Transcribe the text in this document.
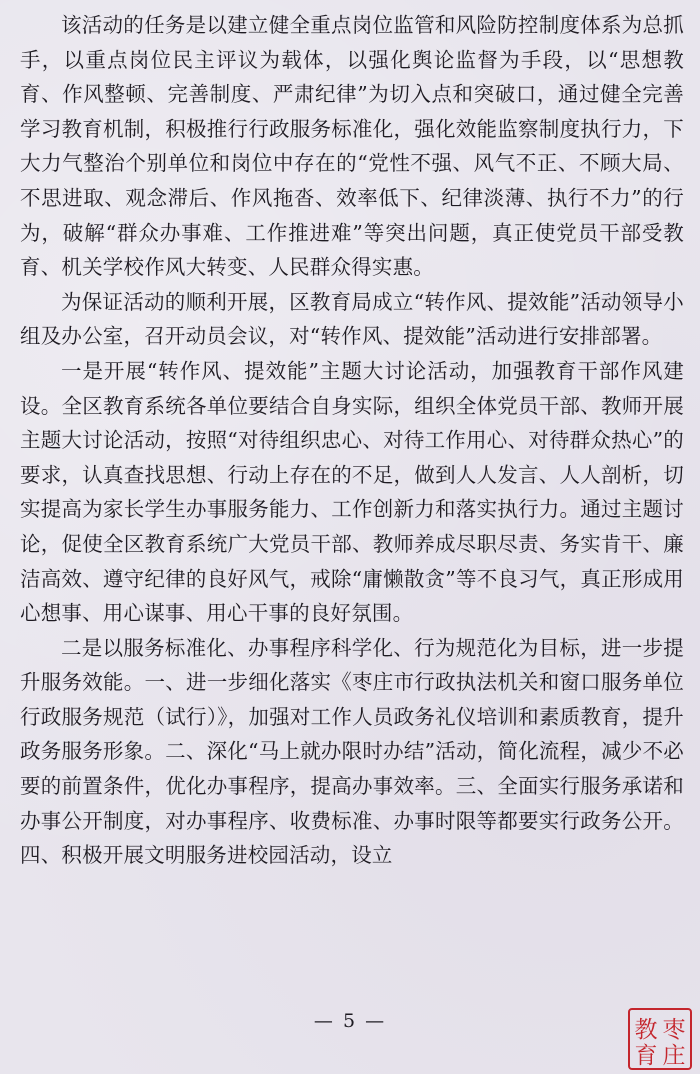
该活动的任务是以建立健全重点岗位监管和风险防控制度体系为总抓手，以重点岗位民主评议为载体，以强化舆论监督为手段，以“思想教育、作风整顿、完善制度、严肃纪律”为切入点和突破口，通过健全完善学习教育机制，积极推行行政服务标准化，强化效能监察制度执行力，下大力气整治个别单位和岗位中存在的“党性不强、风气不正、不顾大局、不思进取、观念滞后、作风拖沓、效率低下、纪律淡薄、执行不力”的行为，破解“群众办事难、工作推进难”等突出问题，真正使党员干部受教育、机关学校作风大转变、人民群众得实惠。

为保证活动的顺利开展，区教育局成立“转作风、提效能”活动领导小组及办公室，召开动员会议，对“转作风、提效能”活动进行安排部署。

一是开展“转作风、提效能”主题大讨论活动，加强教育干部作风建设。全区教育系统各单位要结合自身实际，组织全体党员干部、教师开展主题大讨论活动，按照“对待组织忠心、对待工作用心、对待群众热心”的要求，认真查找思想、行动上存在的不足，做到人人发言、人人剖析，切实提高为家长学生办事服务能力、工作创新力和落实执行力。通过主题讨论，促使全区教育系统广大党员干部、教师养成尽职尽责、务实肯干、廉洁高效、遵守纪律的良好风气，戒除“庸懒散贪”等不良习气，真正形成用心想事、用心谋事、用心干事的良好氛围。

二是以服务标准化、办事程序科学化、行为规范化为目标，进一步提升服务效能。一、进一步细化落实《枣庄市行政执法机关和窗口服务单位行政服务规范（试行）》，加强对工作人员政务礼仪培训和素质教育，提升政务服务形象。二、深化“马上就办限时办结”活动，简化流程，减少不必要的前置条件，优化办事程序，提高办事效率。三、全面实行服务承诺和办事公开制度，对办事程序、收费标准、办事时限等都要实行政务公开。四、积极开展文明服务进校园活动，设立

— 5 —	枣
庄
教
育
